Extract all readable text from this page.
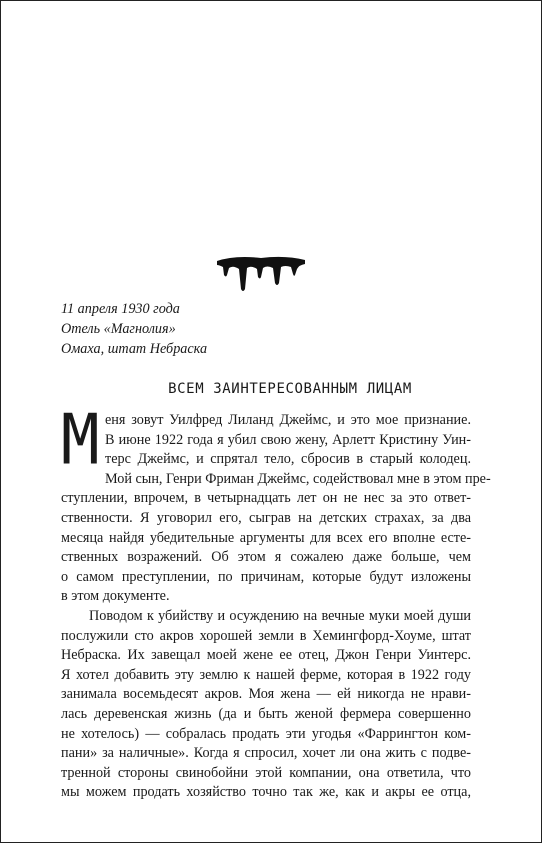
11 апреля 1930 года
Отель «Магнолия»
Омаха, штат Небраска
ВСЕМ ЗАИНТЕРЕСОВАННЫМ ЛИЦАМ
М еня зовут Уилфред Лиланд Джеймс, и это мое признание.
В июне 1922 года я убил свою жену, Арлетт Кристину Уин-
терс Джеймс, и спрятал тело, сбросив в старый колодец.
Мой сын, Генри Фриман Джеймс, содействовал мне в этом пре-
ступлении, впрочем, в четырнадцать лет он не нес за это ответ-
ственности. Я уговорил его, сыграв на детских страхах, за два
месяца найдя убедительные аргументы для всех его вполне есте-
ственных возражений. Об этом я сожалею даже больше, чем
о самом преступлении, по причинам, которые будут изложены
в этом документе.
Поводом к убийству и осуждению на вечные муки моей души
послужили сто акров хорошей земли в Хемингфорд-Хоуме, штат
Небраска. Их завещал моей жене ее отец, Джон Генри Уинтерс.
Я хотел добавить эту землю к нашей ферме, которая в 1922 году
занимала восемьдесят акров. Моя жена — ей никогда не нрави-
лась деревенская жизнь (да и быть женой фермера совершенно
не хотелось) — собралась продать эти угодья «Фаррингтон ком-
пани» за наличные». Когда я спросил, хочет ли она жить с подве-
тренной стороны свинобойни этой компании, она ответила, что
мы можем продать хозяйство точно так же, как и акры ее отца,
